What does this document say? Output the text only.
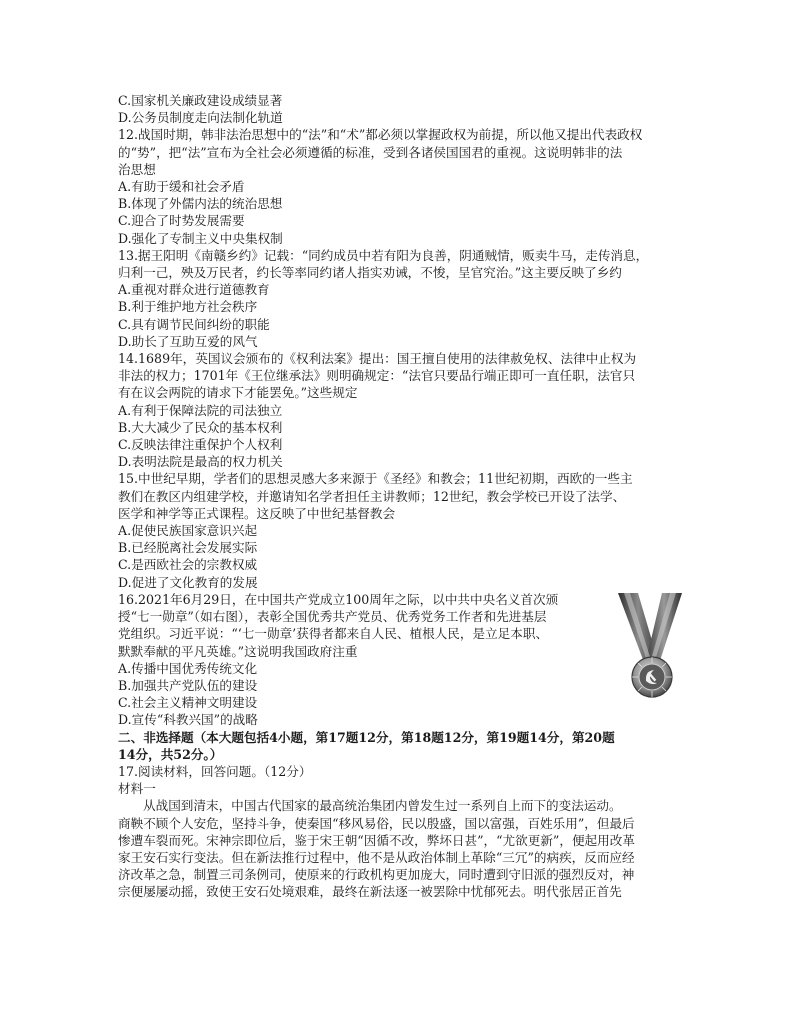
C.国家机关廉政建设成绩显著
D.公务员制度走向法制化轨道
12.战国时期，韩非法治思想中的“法”和“术”都必须以掌握政权为前提，所以他又提出代表政权
的“势”，把“法”宣布为全社会必须遵循的标准，受到各诸侯国国君的重视。这说明韩非的法
治思想
A.有助于缓和社会矛盾
B.体现了外儒内法的统治思想
C.迎合了时势发展需要
D.强化了专制主义中央集权制
13.据王阳明《南赣乡约》记载：“同约成员中若有阳为良善，阴通贼情，贩卖牛马，走传消息，
归利一己，殃及万民者，约长等率同约诸人指实劝诫，不悛，呈官究治。”这主要反映了乡约
A.重视对群众进行道德教育
B.利于维护地方社会秩序
C.具有调节民间纠纷的职能
D.助长了互助互爱的风气
14.1689年，英国议会颁布的《权利法案》提出：国王擅自使用的法律赦免权、法律中止权为
非法的权力；1701年《王位继承法》则明确规定：“法官只要品行端正即可一直任职，法官只
有在议会两院的请求下才能罢免。”这些规定
A.有利于保障法院的司法独立
B.大大减少了民众的基本权利
C.反映法律注重保护个人权利
D.表明法院是最高的权力机关
15.中世纪早期，学者们的思想灵感大多来源于《圣经》和教会；11世纪初期，西欧的一些主
教们在教区内组建学校，并邀请知名学者担任主讲教师；12世纪，教会学校已开设了法学、
医学和神学等正式课程。这反映了中世纪基督教会
A.促使民族国家意识兴起
B.已经脱离社会发展实际
C.是西欧社会的宗教权威
D.促进了文化教育的发展
16.2021年6月29日，在中国共产党成立100周年之际，以中共中央名义首次颁
授“七一勋章”（如右图），表彰全国优秀共产党员、优秀党务工作者和先进基层
党组织。习近平说：“‘七一勋章’获得者都来自人民、植根人民，是立足本职、
默默奉献的平凡英雄。”这说明我国政府注重
A.传播中国优秀传统文化
B.加强共产党队伍的建设
C.社会主义精神文明建设
D.宣传“科教兴国”的战略
二、非选择题（本大题包括4小题，第17题12分，第18题12分，第19题14分，第20题
14分，共52分。）
17.阅读材料，回答问题。（12分）
材料一
从战国到清末，中国古代国家的最高统治集团内曾发生过一系列自上而下的变法运动。
商鞅不顾个人安危，坚持斗争，使秦国“移风易俗，民以殷盛，国以富强，百姓乐用”，但最后
惨遭车裂而死。宋神宗即位后，鉴于宋王朝“因循不改，弊坏日甚”，“尤欲更新”，便起用改革
家王安石实行变法。但在新法推行过程中，他不是从政治体制上革除“三冗”的病疾，反而应经
济改革之急，制置三司条例司，使原来的行政机构更加庞大，同时遭到守旧派的强烈反对，神
宗便屡屡动摇，致使王安石处境艰难，最终在新法逐一被罢除中忧郁死去。明代张居正首先
